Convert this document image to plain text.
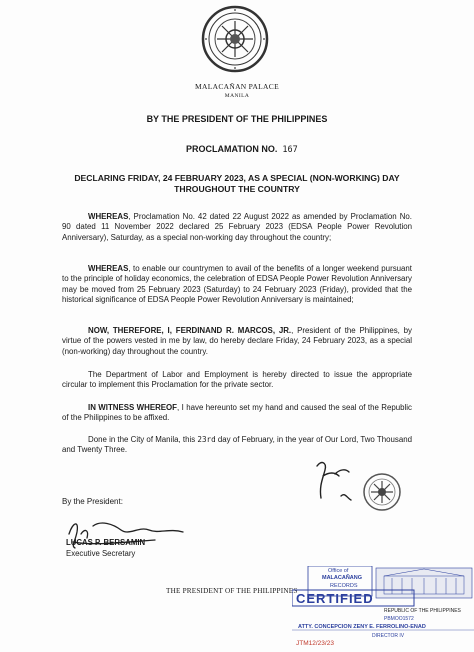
MALACAÑAN PALACE
MANILA
BY THE PRESIDENT OF THE PHILIPPINES
PROCLAMATION NO. 167
DECLARING FRIDAY, 24 FEBRUARY 2023, AS A SPECIAL (NON-WORKING) DAY THROUGHOUT THE COUNTRY
WHEREAS, Proclamation No. 42 dated 22 August 2022 as amended by Proclamation No. 90 dated 11 November 2022 declared 25 February 2023 (EDSA People Power Revolution Anniversary), Saturday, as a special non-working day throughout the country;
WHEREAS, to enable our countrymen to avail of the benefits of a longer weekend pursuant to the principle of holiday economics, the celebration of EDSA People Power Revolution Anniversary may be moved from 25 February 2023 (Saturday) to 24 February 2023 (Friday), provided that the historical significance of EDSA People Power Revolution Anniversary is maintained;
NOW, THEREFORE, I, FERDINAND R. MARCOS, JR., President of the Philippines, by virtue of the powers vested in me by law, do hereby declare Friday, 24 February 2023, as a special (non-working) day throughout the country.
The Department of Labor and Employment is hereby directed to issue the appropriate circular to implement this Proclamation for the private sector.
IN WITNESS WHEREOF, I have hereunto set my hand and caused the seal of the Republic of the Philippines to be affixed.
Done in the City of Manila, this 23rd day of February, in the year of Our Lord, Two Thousand and Twenty Three.
By the President:
LUCAS P. BERSAMIN
Executive Secretary
THE PRESIDENT OF THE PHILIPPINES
Office of
MALACAÑANG
RECORDS
CERTIFIED
REPUBLIC OF THE PHILIPPINES
PBMOO1572
ATTY. CONCEPCION ZENY E. FERROLINO-ENAD
DIRECTOR IV
JTM12/23/23
